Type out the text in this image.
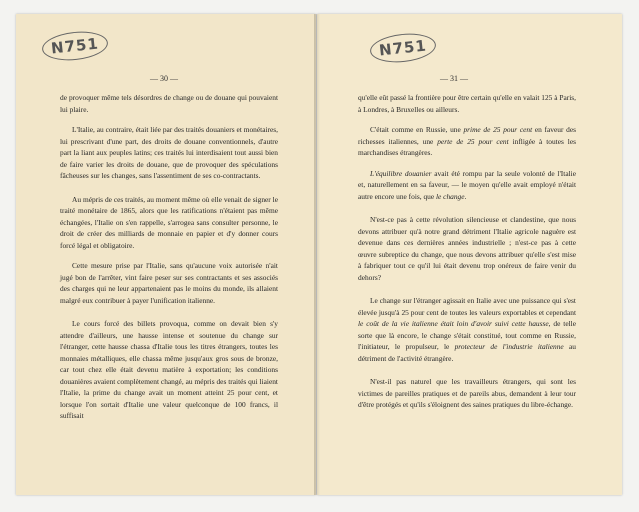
N751	N751
— 30 —	— 31 —

de provoquer même tels désordres de change ou de douane qui pouvaient lui plaire.

L'Italie, au contraire, était liée par des traités douaniers et monétaires, lui prescrivant d'une part, des droits de douane conventionnels, d'autre part la liant aux peuples latins; ces traités lui interdisaient tout aussi bien de faire varier les droits de douane, que de provoquer des spéculations fâcheuses sur les changes, sans l'assentiment de ses co-contractants.

Au mépris de ces traités, au moment même où elle venait de signer le traité monétaire de 1865, alors que les ratifications n'étaient pas même échangées, l'Italie on s'en rappelle, s'arrogea sans consulter personne, le droit de créer des milliards de monnaie en papier et d'y donner cours forcé légal et obligatoire.

Cette mesure prise par l'Italie, sans qu'aucune voix autorisée n'ait jugé bon de l'arrêter, vint faire peser sur ses contractants et ses associés des charges qui ne leur appartenaient pas le moins du monde, ils allaient malgré eux contribuer à payer l'unification italienne.

Le cours forcé des billets provoqua, comme on devait bien s'y attendre d'ailleurs, une hausse intense et soutenue du change sur l'étranger, cette hausse chassa d'Italie tous les titres étrangers, toutes les monnaies métalliques, elle chassa même jusqu'aux gros sous de bronze, car tout chez elle était devenu matière à exportation; les conditions douanières avaient complètement changé, au mépris des traités qui liaient l'Italie, la prime du change avait un moment atteint 25 pour cent, et lorsque l'on sortait d'Italie une valeur quelconque de 100 francs, il suffisait

qu'elle eût passé la frontière pour être certain qu'elle en valait 125 à Paris, à Londres, à Bruxelles ou ailleurs.

C'était comme en Russie, une prime de 25 pour cent en faveur des richesses italiennes, une perte de 25 pour cent infligée à toutes les marchandises étrangères.

L'équilibre douanier avait été rompu par la seule volonté de l'Italie et, naturellement en sa faveur, — le moyen qu'elle avait employé n'était autre encore une fois, que le change.

N'est-ce pas à cette révolution silencieuse et clandestine, que nous devons attribuer qu'à notre grand détriment l'Italie agricole naguère est devenue dans ces dernières années industrielle ; n'est-ce pas à cette œuvre subreptice du change, que nous devons attribuer qu'elle s'est mise à fabriquer tout ce qu'il lui était devenu trop onéreux de faire venir du dehors?

Le change sur l'étranger agissait en Italie avec une puissance qui s'est élevée jusqu'à 25 pour cent de toutes les valeurs exportables et cependant le coût de la vie italienne était loin d'avoir suivi cette hausse, de telle sorte que là encore, le change s'était constitué, tout comme en Russie, l'initiateur, le propulseur, le protecteur de l'industrie italienne au détriment de l'activité étrangère.

N'est-il pas naturel que les travailleurs étrangers, qui sont les victimes de pareilles pratiques et de pareils abus, demandent à leur tour d'être protégés et qu'ils s'éloignent des saines pratiques du libre-échange.
